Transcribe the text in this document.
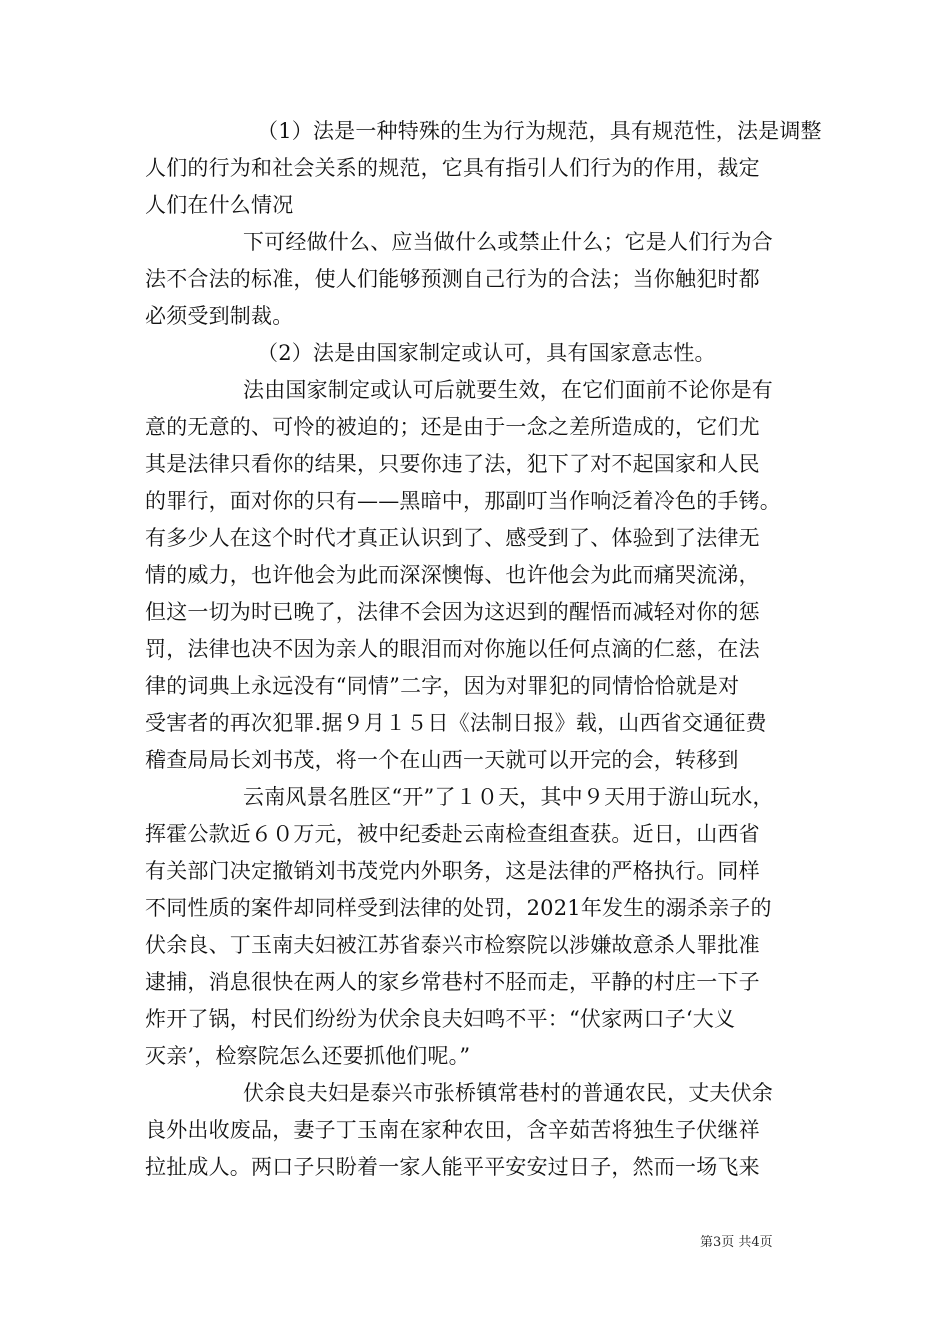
（1）法是一种特殊的生为行为规范，具有规范性，法是调整
人们的行为和社会关系的规范，它具有指引人们行为的作用，裁定
人们在什么情况
下可经做什么、应当做什么或禁止什么；它是人们行为合
法不合法的标准，使人们能够预测自己行为的合法；当你触犯时都
必须受到制裁。
（2）法是由国家制定或认可，具有国家意志性。
法由国家制定或认可后就要生效，在它们面前不论你是有
意的无意的、可怜的被迫的；还是由于一念之差所造成的，它们尤
其是法律只看你的结果，只要你违了法，犯下了对不起国家和人民
的罪行，面对你的只有——黑暗中，那副叮当作响泛着冷色的手铐。
有多少人在这个时代才真正认识到了、感受到了、体验到了法律无
情的威力，也许他会为此而深深懊悔、也许他会为此而痛哭流涕，
但这一切为时已晚了，法律不会因为这迟到的醒悟而减轻对你的惩
罚，法律也决不因为亲人的眼泪而对你施以任何点滴的仁慈，在法
律的词典上永远没有“同情”二字，因为对罪犯的同情恰恰就是对
受害者的再次犯罪.据９月１５日《法制日报》载，山西省交通征费
稽查局局长刘书茂，将一个在山西一天就可以开完的会，转移到
云南风景名胜区“开”了１０天，其中９天用于游山玩水，
挥霍公款近６０万元，被中纪委赴云南检查组查获。近日，山西省
有关部门决定撤销刘书茂党内外职务，这是法律的严格执行。同样
不同性质的案件却同样受到法律的处罚，2021年发生的溺杀亲子的
伏余良、丁玉南夫妇被江苏省泰兴市检察院以涉嫌故意杀人罪批准
逮捕，消息很快在两人的家乡常巷村不胫而走，平静的村庄一下子
炸开了锅，村民们纷纷为伏余良夫妇鸣不平：“伏家两口子‘大义
灭亲’，检察院怎么还要抓他们呢。”
伏余良夫妇是泰兴市张桥镇常巷村的普通农民，丈夫伏余
良外出收废品，妻子丁玉南在家种农田，含辛茹苦将独生子伏继祥
拉扯成人。两口子只盼着一家人能平平安安过日子，然而一场飞来
第3页 共4页
